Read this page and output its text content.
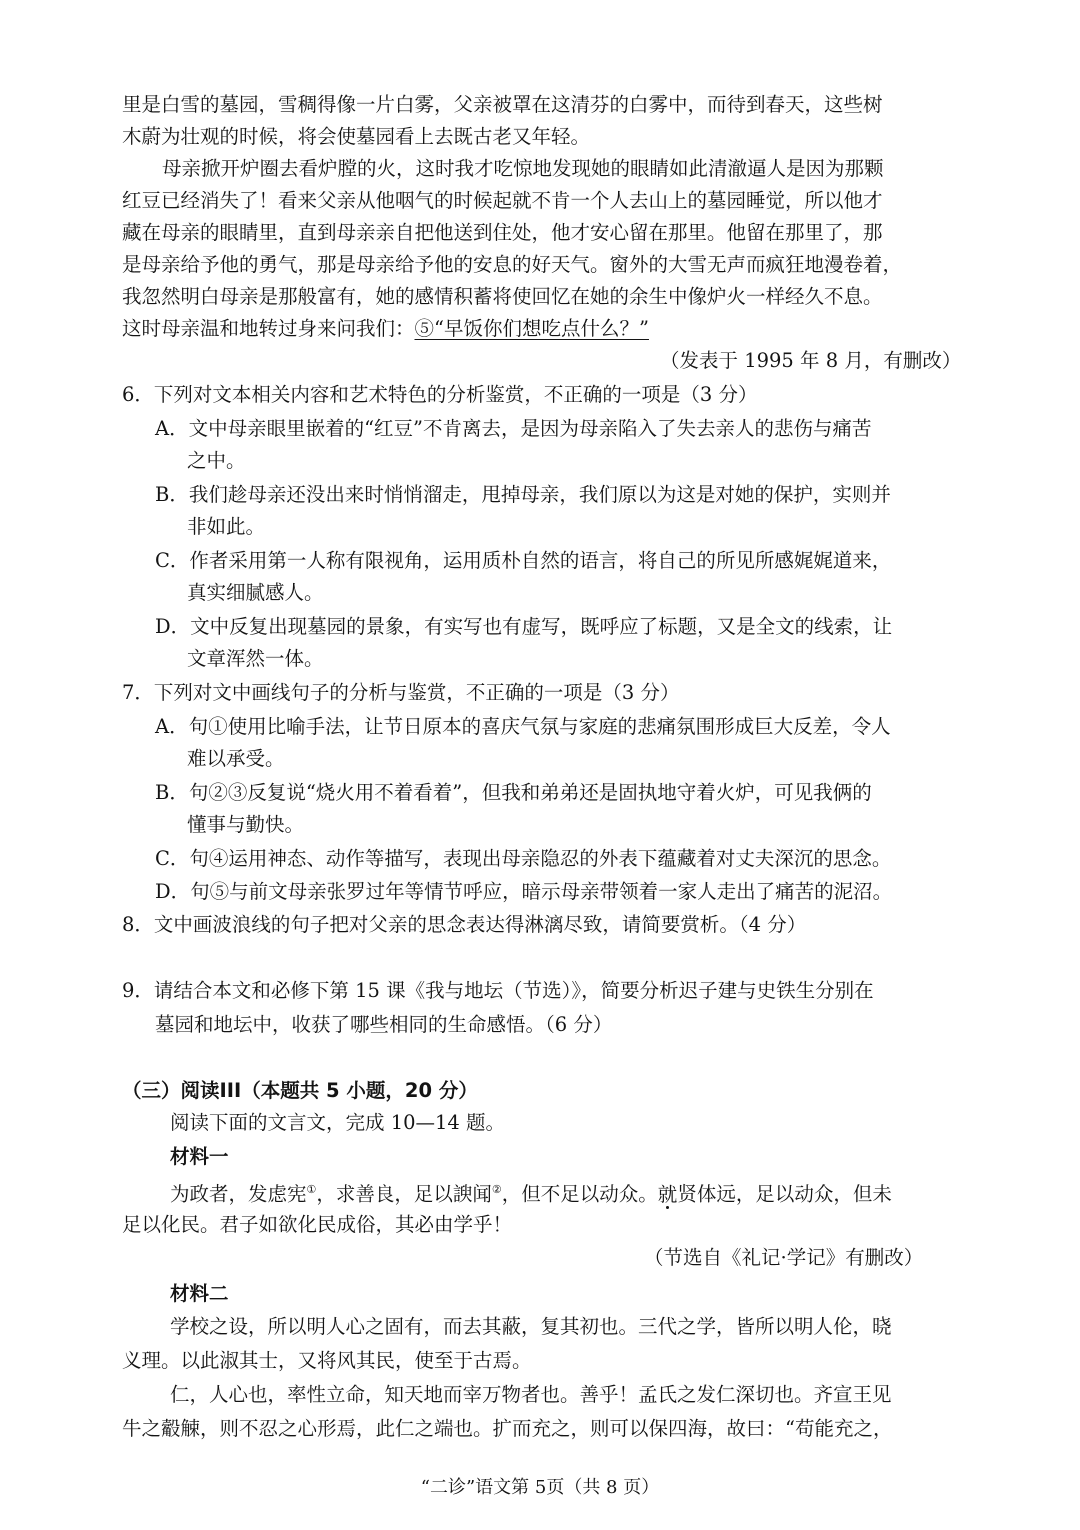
里是白雪的墓园，雪稠得像一片白雾，父亲被罩在这清芬的白雾中，而待到春天，这些树
木蔚为壮观的时候，将会使墓园看上去既古老又年轻。
母亲掀开炉圈去看炉膛的火，这时我才吃惊地发现她的眼睛如此清澈逼人是因为那颗
红豆已经消失了！看来父亲从他咽气的时候起就不肯一个人去山上的墓园睡觉，所以他才
藏在母亲的眼睛里，直到母亲亲自把他送到住处，他才安心留在那里。他留在那里了，那
是母亲给予他的勇气，那是母亲给予他的安息的好天气。窗外的大雪无声而疯狂地漫卷着，
我忽然明白母亲是那般富有，她的感情积蓄将使回忆在她的余生中像炉火一样经久不息。
这时母亲温和地转过身来问我们：⑤“早饭你们想吃点什么？”
（发表于 1995 年 8 月，有删改）
6．下列对文本相关内容和艺术特色的分析鉴赏，不正确的一项是（3 分）
A．文中母亲眼里嵌着的“红豆”不肯离去，是因为母亲陷入了失去亲人的悲伤与痛苦
之中。
B．我们趁母亲还没出来时悄悄溜走，甩掉母亲，我们原以为这是对她的保护，实则并
非如此。
C．作者采用第一人称有限视角，运用质朴自然的语言，将自己的所见所感娓娓道来，
真实细腻感人。
D．文中反复出现墓园的景象，有实写也有虚写，既呼应了标题，又是全文的线索，让
文章浑然一体。
7．下列对文中画线句子的分析与鉴赏，不正确的一项是（3 分）
A．句①使用比喻手法，让节日原本的喜庆气氛与家庭的悲痛氛围形成巨大反差，令人
难以承受。
B．句②③反复说“烧火用不着看着”，但我和弟弟还是固执地守着火炉，可见我俩的
懂事与勤快。
C．句④运用神态、动作等描写，表现出母亲隐忍的外表下蕴藏着对丈夫深沉的思念。
D．句⑤与前文母亲张罗过年等情节呼应，暗示母亲带领着一家人走出了痛苦的泥沼。
8．文中画波浪线的句子把对父亲的思念表达得淋漓尽致，请简要赏析。（4 分）
9．请结合本文和必修下第 15 课《我与地坛（节选）》，简要分析迟子建与史铁生分别在
墓园和地坛中，收获了哪些相同的生命感悟。（6 分）
（三）阅读III（本题共 5 小题，20 分）
阅读下面的文言文，完成 10—14 题。
材料一
为政者，发虑宪①，求善良，足以諛闻②，但不足以动众。就贤体远，足以动众，但未
足以化民。君子如欲化民成俗，其必由学乎！
（节选自《礼记·学记》有删改）
材料二
学校之设，所以明人心之固有，而去其蔽，复其初也。三代之学，皆所以明人伦，晓
义理。以此淑其士，又将风其民，使至于古焉。
仁，人心也，率性立命，知天地而宰万物者也。善乎！孟氏之发仁深切也。齐宣王见
牛之觳觫，则不忍之心形焉，此仁之端也。扩而充之，则可以保四海，故曰：“苟能充之，
“二诊”语文第 5页（共 8 页）
